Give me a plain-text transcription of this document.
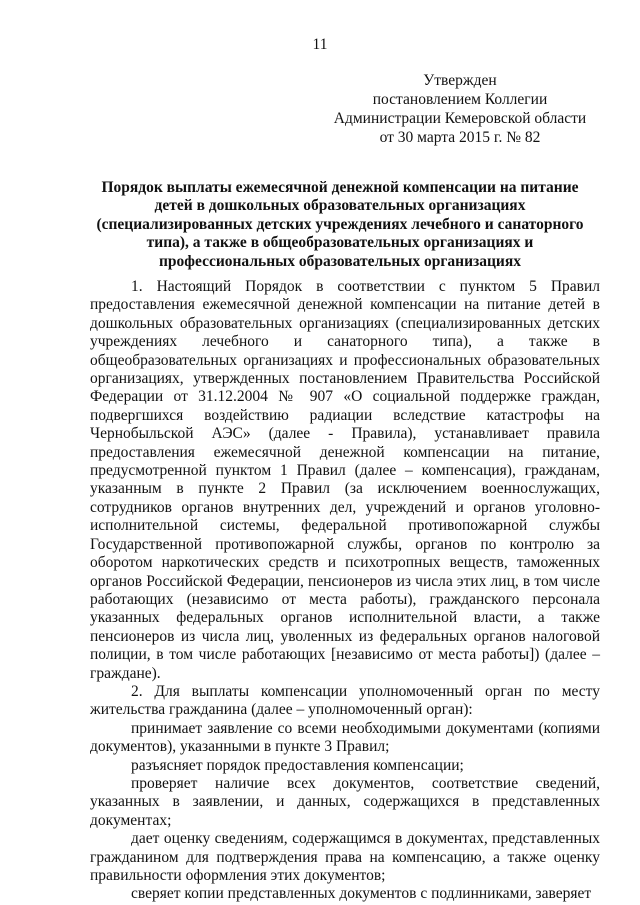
11
Утвержден
постановлением Коллегии
Администрации Кемеровской области
от 30 марта 2015 г. № 82
Порядок выплаты ежемесячной денежной компенсации на питание
детей в дошкольных образовательных организациях
(специализированных детских учреждениях лечебного и санаторного
типа), а также в общеобразовательных организациях и
профессиональных образовательных организациях

1. Настоящий Порядок в соответствии с пунктом 5 Правил предоставления ежемесячной денежной компенсации на питание детей в дошкольных образовательных организациях (специализированных детских учреждениях лечебного и санаторного типа), а также в общеобразовательных организациях и профессиональных образовательных организациях, утвержденных постановлением Правительства Российской Федерации от 31.12.2004 № 907 «О социальной поддержке граждан, подвергшихся воздействию радиации вследствие катастрофы на Чернобыльской АЭС» (далее - Правила), устанавливает правила предоставления ежемесячной денежной компенсации на питание, предусмотренной пунктом 1 Правил (далее – компенсация), гражданам, указанным в пункте 2 Правил (за исключением военнослужащих, сотрудников органов внутренних дел, учреждений и органов уголовно-исполнительной системы, федеральной противопожарной службы Государственной противопожарной службы, органов по контролю за оборотом наркотических средств и психотропных веществ, таможенных органов Российской Федерации, пенсионеров из числа этих лиц, в том числе работающих (независимо от места работы), гражданского персонала указанных федеральных органов исполнительной власти, а также пенсионеров из числа лиц, уволенных из федеральных органов налоговой полиции, в том числе работающих [независимо от места работы]) (далее – граждане).

2. Для выплаты компенсации уполномоченный орган по месту жительства гражданина (далее – уполномоченный орган):

принимает заявление со всеми необходимыми документами (копиями документов), указанными в пункте 3 Правил;

разъясняет порядок предоставления компенсации;

проверяет наличие всех документов, соответствие сведений, указанных в заявлении, и данных, содержащихся в представленных документах;

дает оценку сведениям, содержащимся в документах, представленных гражданином для подтверждения права на компенсацию, а также оценку правильности оформления этих документов;

сверяет копии представленных документов с подлинниками, заверяет
